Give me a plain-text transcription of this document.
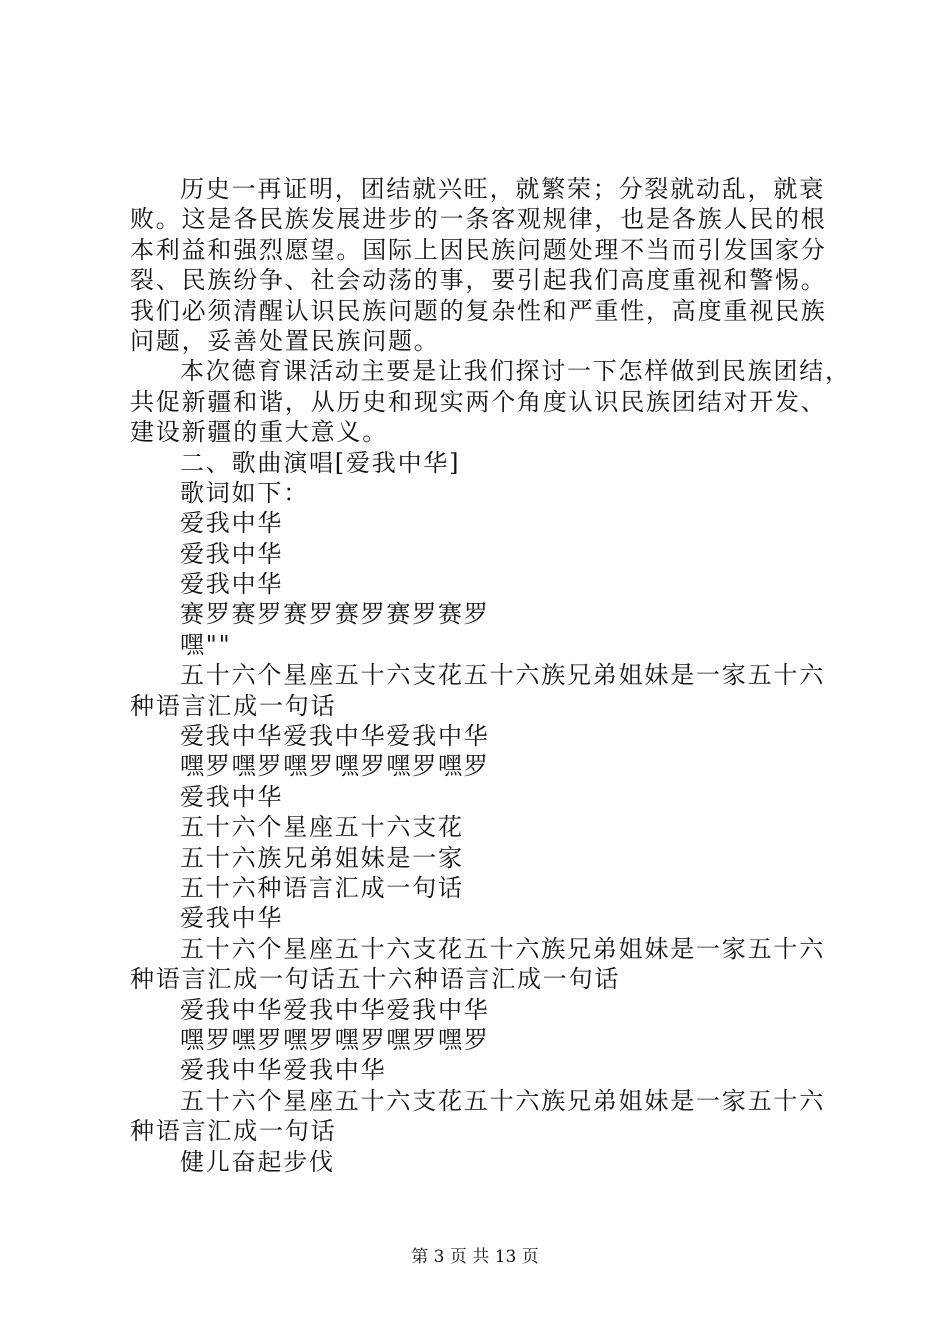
历史一再证明，团结就兴旺，就繁荣；分裂就动乱，就衰
败。这是各民族发展进步的一条客观规律，也是各族人民的根
本利益和强烈愿望。国际上因民族问题处理不当而引发国家分
裂、民族纷争、社会动荡的事，要引起我们高度重视和警惕。
我们必须清醒认识民族问题的复杂性和严重性，高度重视民族
问题，妥善处置民族问题。
本次德育课活动主要是让我们探讨一下怎样做到民族团结，
共促新疆和谐，从历史和现实两个角度认识民族团结对开发、
建设新疆的重大意义。
二、歌曲演唱[爱我中华]
歌词如下：
爱我中华
爱我中华
爱我中华
赛罗赛罗赛罗赛罗赛罗赛罗
嘿""
五十六个星座五十六支花五十六族兄弟姐妹是一家五十六
种语言汇成一句话
爱我中华爱我中华爱我中华
嘿罗嘿罗嘿罗嘿罗嘿罗嘿罗
爱我中华
五十六个星座五十六支花
五十六族兄弟姐妹是一家
五十六种语言汇成一句话
爱我中华
五十六个星座五十六支花五十六族兄弟姐妹是一家五十六
种语言汇成一句话五十六种语言汇成一句话
爱我中华爱我中华爱我中华
嘿罗嘿罗嘿罗嘿罗嘿罗嘿罗
爱我中华爱我中华
五十六个星座五十六支花五十六族兄弟姐妹是一家五十六
种语言汇成一句话
健儿奋起步伐
第 3 页 共 13 页
